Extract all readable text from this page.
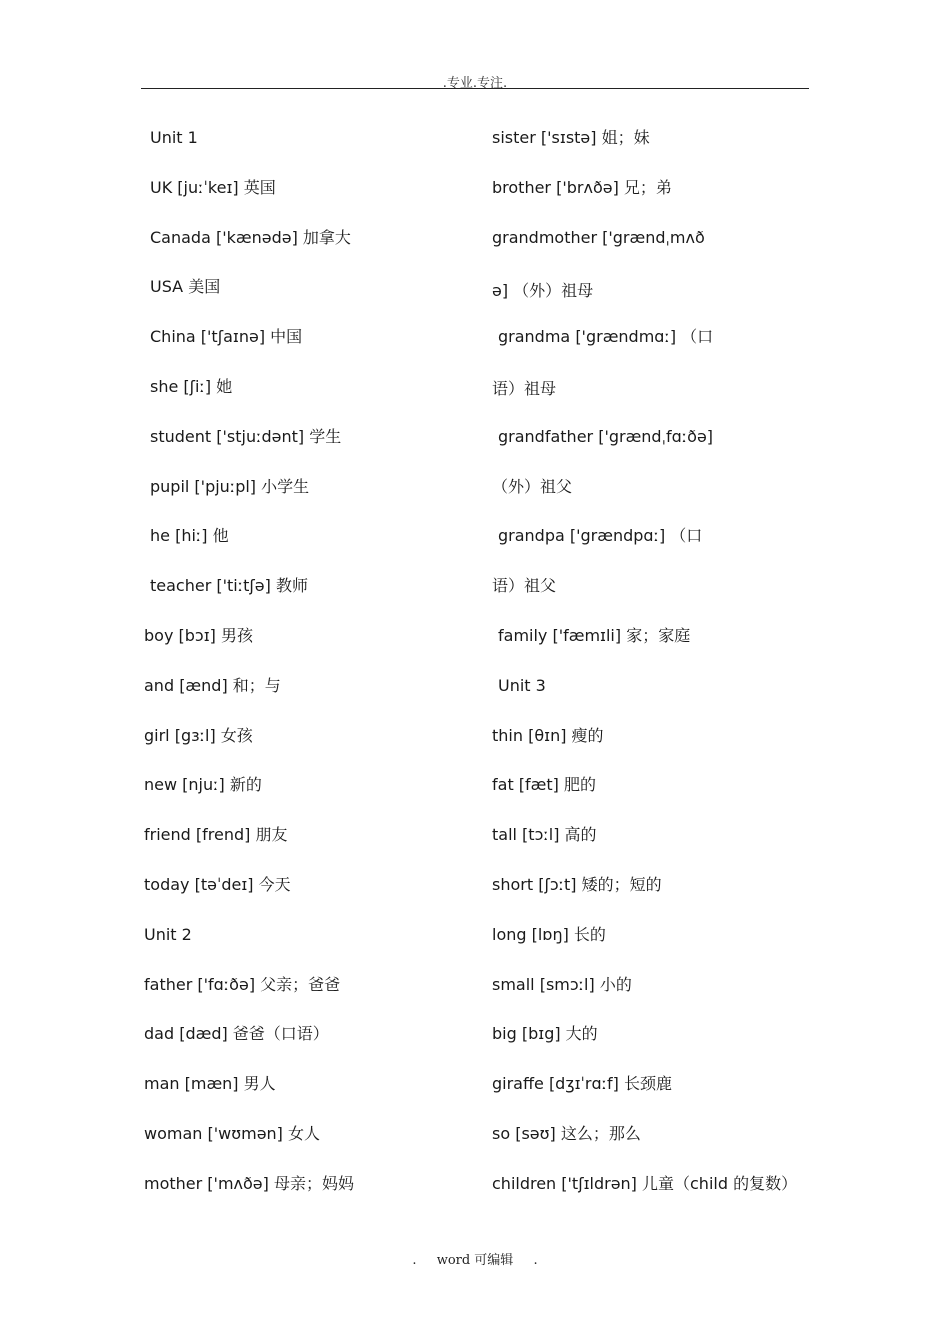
.专业.专注.
Unit 1
UK [juːˈkeɪ] 英国
Canada ['kænədə] 加拿大
USA 美国
China ['tʃaɪnə] 中国
she [ʃiː] 她
student ['stjuːdənt] 学生
pupil ['pjuːpl] 小学生
he [hiː] 他
teacher ['tiːtʃə] 教师
boy [bɔɪ] 男孩
and [ænd] 和；与
girl [gɜːl] 女孩
new [njuː] 新的
friend [frend] 朋友
today [təˈdeɪ] 今天
Unit 2
father ['fɑːðə] 父亲；爸爸
dad [dæd] 爸爸（口语）
man [mæn] 男人
woman ['wʊmən] 女人
mother ['mʌðə] 母亲；妈妈
sister ['sɪstə] 姐；妹
brother ['brʌðə] 兄；弟
grandmother ['grændˌmʌð
ə] （外）祖母
grandma ['grændmɑː] （口
语）祖母
grandfather ['grændˌfɑːðə]
（外）祖父
grandpa ['grændpɑː] （口
语）祖父
family ['fæmɪli] 家；家庭
Unit 3
thin [θɪn] 瘦的
fat [fæt] 肥的
tall [tɔːl] 高的
short [ʃɔːt] 矮的；短的
long [lɒŋ] 长的
small [smɔːl] 小的
big [bɪg] 大的
giraffe [dʒɪˈrɑːf] 长颈鹿
so [səʊ] 这么；那么
children ['tʃɪldrən] 儿童（child 的复数）
. word 可编辑 .
